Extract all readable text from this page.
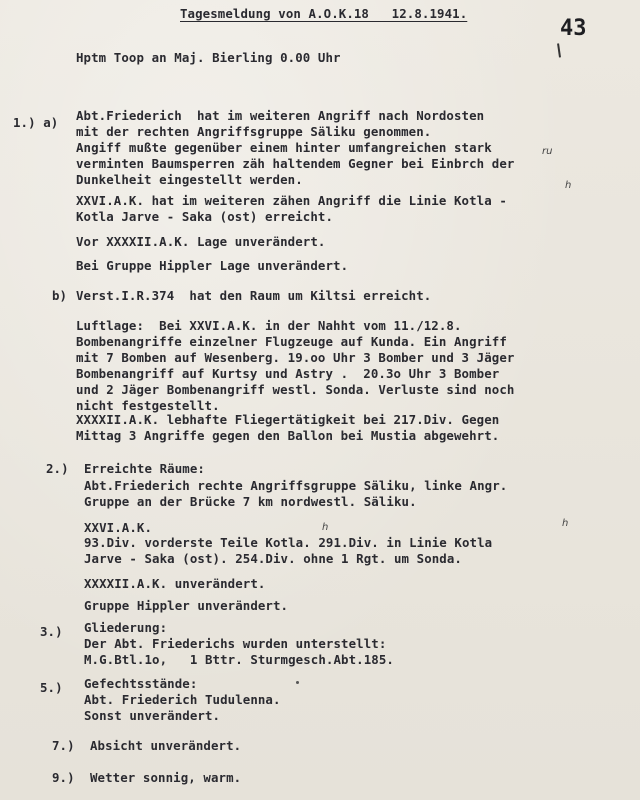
Tagesmeldung von A.O.K.18   12.8.1941.
43
Hptm Toop an Maj. Bierling 0.00 Uhr
1.) a) Abt.Friederich  hat im weiteren Angriff nach Nordosten
mit der rechten Angriffsgruppe Säliku genommen.
Angiff mußte gegenüber einem hinter umfangreichen stark
verminten Baumsperren zäh haltendem Gegner bei Einbrch der
Dunkelheit eingestellt werden.
ru
h
XXVI.A.K. hat im weiteren zähen Angriff die Linie Kotla -
Kotla Jarve - Saka (ost) erreicht.
Vor XXXXII.A.K. Lage unverändert.
Bei Gruppe Hippler Lage unverändert.
b) Verst.I.R.374  hat den Raum um Kiltsi erreicht.
Luftlage:  Bei XXVI.A.K. in der Nahht vom 11./12.8.
Bombenangriffe einzelner Flugzeuge auf Kunda. Ein Angriff
mit 7 Bomben auf Wesenberg. 19.oo Uhr 3 Bomber und 3 Jäger
Bombenangriff auf Kurtsy und Astry .  20.3o Uhr 3 Bomber
und 2 Jäger Bombenangriff westl. Sonda. Verluste sind noch
nicht festgestellt.
XXXXII.A.K. lebhafte Fliegertätigkeit bei 217.Div. Gegen
Mittag 3 Angriffe gegen den Ballon bei Mustia abgewehrt.
2.) Erreichte Räume:
Abt.Friederich rechte Angriffsgruppe Säliku, linke Angr.
Gruppe an der Brücke 7 km nordwestl. Säliku.
XXVI.A.K.	h	h
93.Div. vorderste Teile Kotla. 291.Div. in Linie Kotla
Jarve - Saka (ost). 254.Div. ohne 1 Rgt. um Sonda.
XXXXII.A.K. unverändert.
Gruppe Hippler unverändert.
3.) Gliederung:
Der Abt. Friederichs wurden unterstellt:
M.G.Btl.1o,   1 Bttr. Sturmgesch.Abt.185.
5.) Gefechtsstände:
Abt. Friederich Tudulenna.
Sonst unverändert.
7.) Absicht unverändert.
9.) Wetter sonnig, warm.
